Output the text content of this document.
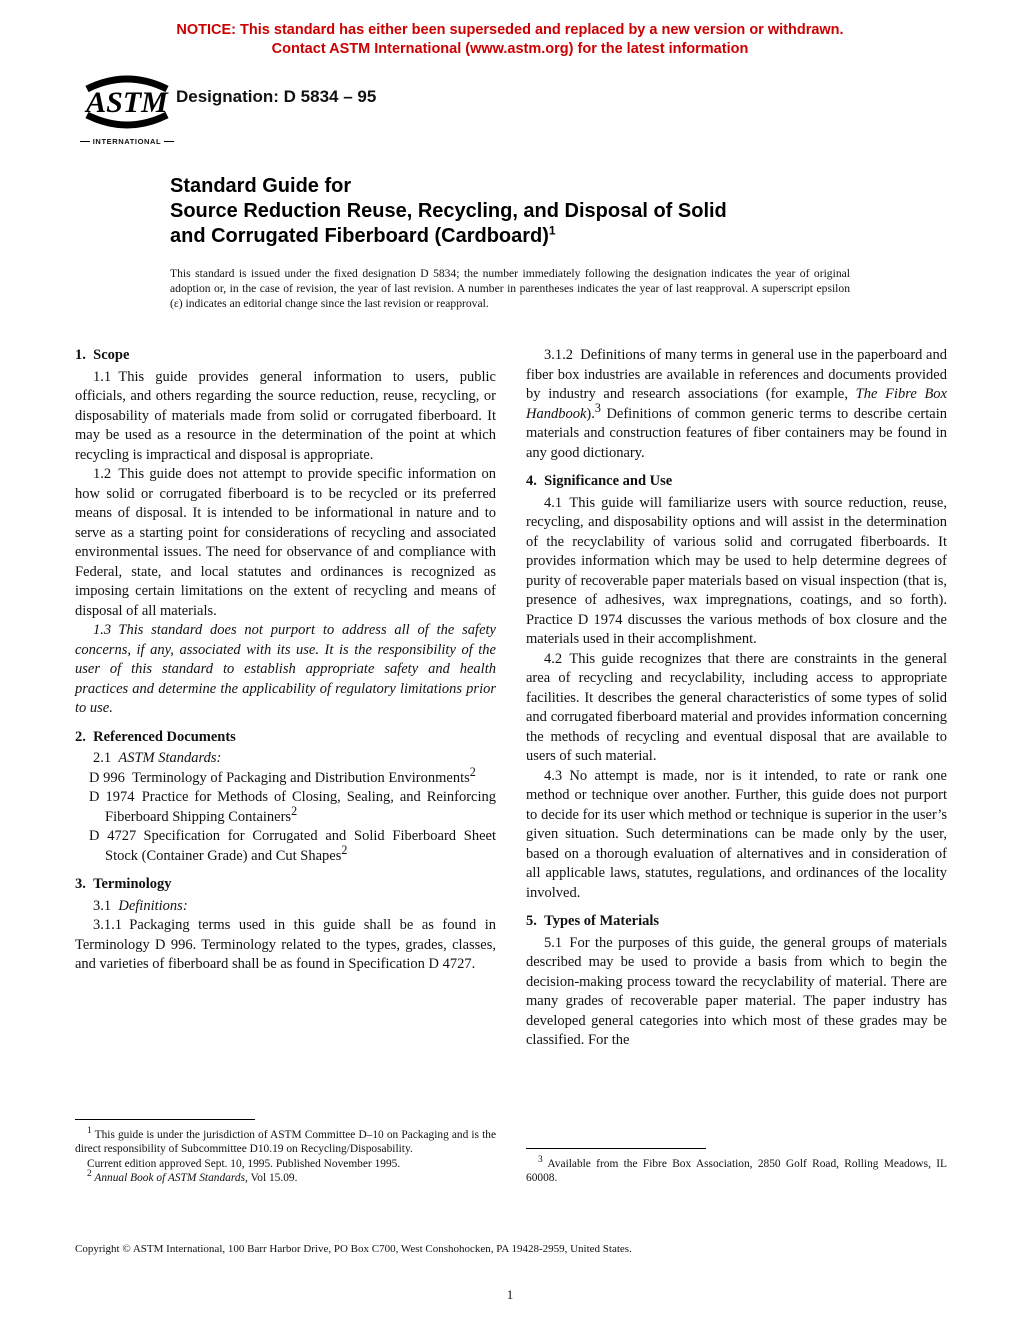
NOTICE: This standard has either been superseded and replaced by a new version or withdrawn.
Contact ASTM International (www.astm.org) for the latest information
ASTM
INTERNATIONAL
Designation: D 5834 – 95
Standard Guide for
Source Reduction Reuse, Recycling, and Disposal of Solid
and Corrugated Fiberboard (Cardboard)$^1$

This standard is issued under the fixed designation D 5834; the number immediately following the designation indicates the year of original adoption or, in the case of revision, the year of last revision. A number in parentheses indicates the year of last reapproval. A superscript epsilon (ε) indicates an editorial change since the last revision or reapproval.

1. Scope

1.1 This guide provides general information to users, public officials, and others regarding the source reduction, reuse, recycling, or disposability of materials made from solid or corrugated fiberboard. It may be used as a resource in the determination of the point at which recycling is impractical and disposal is appropriate.

1.2 This guide does not attempt to provide specific information on how solid or corrugated fiberboard is to be recycled or its preferred means of disposal. It is intended to be informational in nature and to serve as a starting point for considerations of recycling and associated environmental issues. The need for observance of and compliance with Federal, state, and local statutes and ordinances is recognized as imposing certain limitations on the extent of recycling and means of disposal of all materials.

1.3 This standard does not purport to address all of the safety concerns, if any, associated with its use. It is the responsibility of the user of this standard to establish appropriate safety and health practices and determine the applicability of regulatory limitations prior to use.

2. Referenced Documents

2.1 ASTM Standards:

D 996 Terminology of Packaging and Distribution Environments$^2$

D 1974 Practice for Methods of Closing, Sealing, and Reinforcing Fiberboard Shipping Containers$^2$

D 4727 Specification for Corrugated and Solid Fiberboard Sheet Stock (Container Grade) and Cut Shapes$^2$

3. Terminology

3.1 Definitions:

3.1.1 Packaging terms used in this guide shall be as found in Terminology D 996. Terminology related to the types, grades, classes, and varieties of fiberboard shall be as found in Specification D 4727.

$^1$ This guide is under the jurisdiction of ASTM Committee D–10 on Packaging and is the direct responsibility of Subcommittee D10.19 on Recycling/Disposability.

Current edition approved Sept. 10, 1995. Published November 1995.

$^2$ Annual Book of ASTM Standards, Vol 15.09.

3.1.2 Definitions of many terms in general use in the paperboard and fiber box industries are available in references and documents provided by industry and research associations (for example, The Fibre Box Handbook).$^3$ Definitions of common generic terms to describe certain materials and construction features of fiber containers may be found in any good dictionary.

4. Significance and Use

4.1 This guide will familiarize users with source reduction, reuse, recycling, and disposability options and will assist in the determination of the recyclability of various solid and corrugated fiberboards. It provides information which may be used to help determine degrees of purity of recoverable paper materials based on visual inspection (that is, presence of adhesives, wax impregnations, coatings, and so forth). Practice D 1974 discusses the various methods of box closure and the materials used in their accomplishment.

4.2 This guide recognizes that there are constraints in the general area of recycling and recyclability, including access to appropriate facilities. It describes the general characteristics of some types of solid and corrugated fiberboard material and provides information concerning the methods of recycling and eventual disposal that are available to users of such material.

4.3 No attempt is made, nor is it intended, to rate or rank one method or technique over another. Further, this guide does not purport to decide for its user which method or technique is superior in the user’s given situation. Such determinations can be made only by the user, based on a thorough evaluation of alternatives and in consideration of all applicable laws, statutes, regulations, and ordinances of the locality involved.

5. Types of Materials

5.1 For the purposes of this guide, the general groups of materials described may be used to provide a basis from which to begin the decision-making process toward the recyclability of material. There are many grades of recoverable paper material. The paper industry has developed general categories into which most of these grades may be classified. For the

$^3$ Available from the Fibre Box Association, 2850 Golf Road, Rolling Meadows, IL 60008.

Copyright © ASTM International, 100 Barr Harbor Drive, PO Box C700, West Conshohocken, PA 19428-2959, United States.

1
